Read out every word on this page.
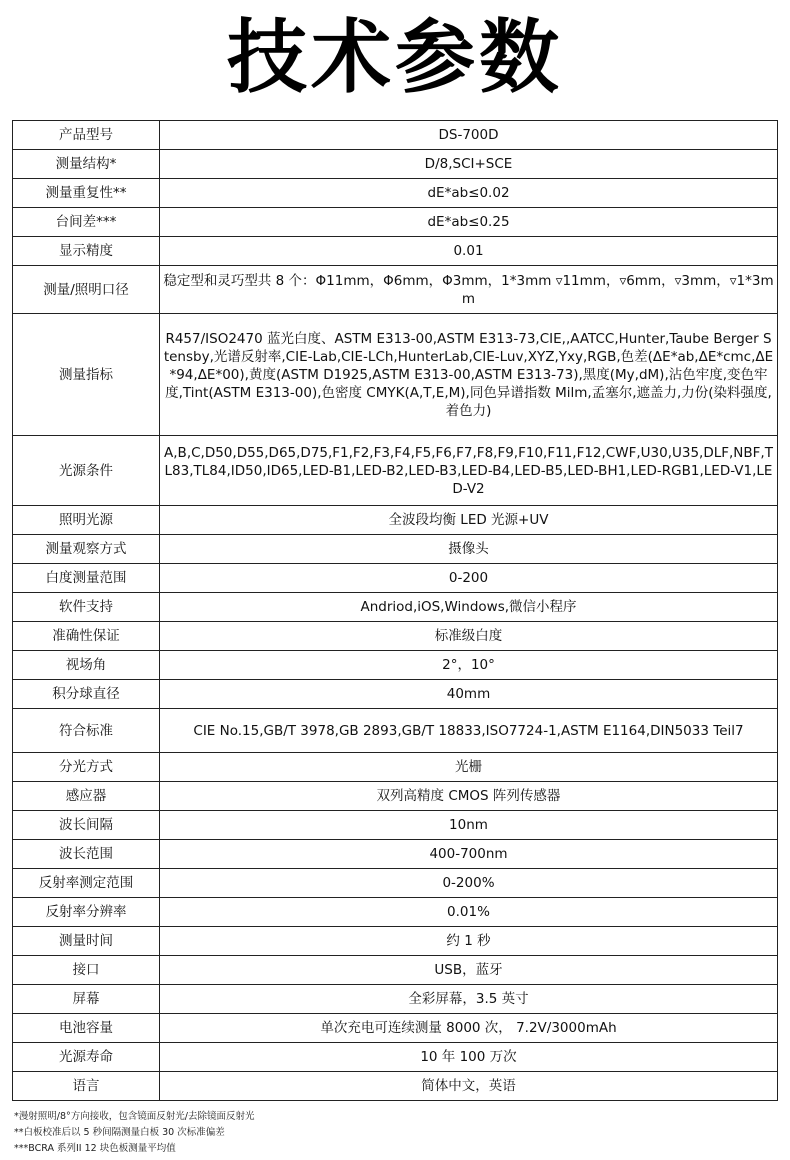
技术参数
产品型号	DS-700D
测量结构*	D/8,SCI+SCE
测量重复性**	dE*ab≤0.02
台间差***	dE*ab≤0.25
显示精度	0.01
测量/照明口径	稳定型和灵巧型共 8 个：Φ11mm，Φ6mm，Φ3mm，1*3mm ▿11mm，▿6mm，▿3mm，▿1*3mm
测量指标	R457/ISO2470 蓝光白度、ASTM E313-00,ASTM E313-73,CIE,,AATCC,Hunter,Taube Berger Stensby,光谱反射率,CIE-Lab,CIE-LCh,HunterLab,CIE-Luv,XYZ,Yxy,RGB,色差(ΔE*ab,ΔE*cmc,ΔE*94,ΔE*00),黄度(ASTM D1925,ASTM E313-00,ASTM E313-73),黑度(My,dM),沾色牢度,变色牢度,Tint(ASTM E313-00),色密度 CMYK(A,T,E,M),同色异谱指数 Milm,孟塞尔,遮盖力,力份(染料强度,着色力)
光源条件	A,B,C,D50,D55,D65,D75,F1,F2,F3,F4,F5,F6,F7,F8,F9,F10,F11,F12,CWF,U30,U35,DLF,NBF,TL83,TL84,ID50,ID65,LED-B1,LED-B2,LED-B3,LED-B4,LED-B5,LED-BH1,LED-RGB1,LED-V1,LED-V2
照明光源	全波段均衡 LED 光源+UV
测量观察方式	摄像头
白度测量范围	0-200
软件支持	Andriod,iOS,Windows,微信小程序
准确性保证	标准级白度
视场角	2°，10°
积分球直径	40mm
符合标准	CIE No.15,GB/T 3978,GB 2893,GB/T 18833,ISO7724-1,ASTM E1164,DIN5033 Teil7
分光方式	光栅
感应器	双列高精度 CMOS 阵列传感器
波长间隔	10nm
波长范围	400-700nm
反射率测定范围	0-200%
反射率分辨率	0.01%
测量时间	约 1 秒
接口	USB，蓝牙
屏幕	全彩屏幕，3.5 英寸
电池容量	单次充电可连续测量 8000 次， 7.2V/3000mAh
光源寿命	10 年 100 万次
语言	简体中文，英语
*漫射照明/8°方向接收，包含镜面反射光/去除镜面反射光
**白板校准后以 5 秒间隔测量白板 30 次标准偏差
***BCRA 系列II 12 块色板测量平均值
